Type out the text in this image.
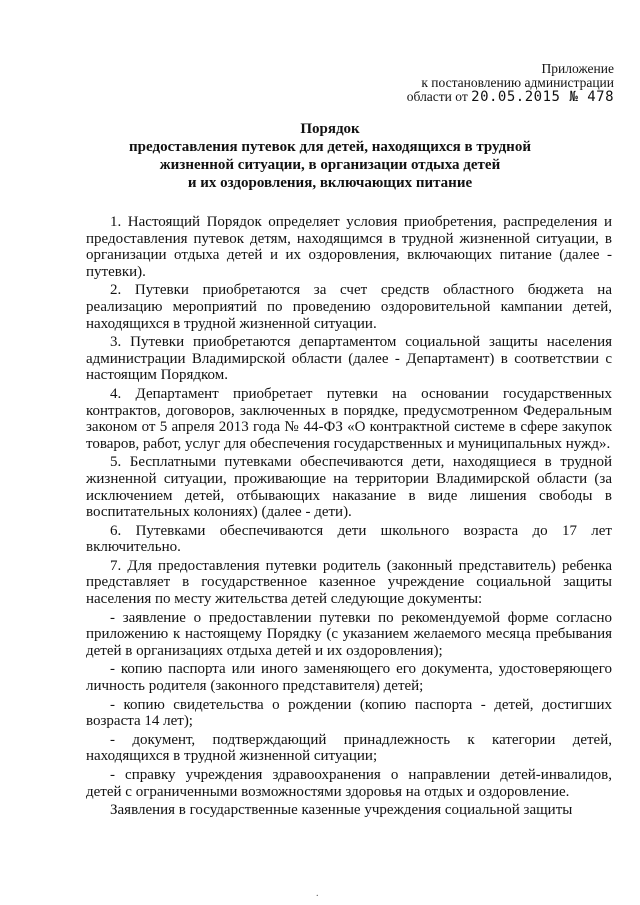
Приложение
к постановлению администрации
области от 20.05.2015 № 478
Порядок
предоставления путевок для детей, находящихся в трудной
жизненной ситуации, в организации отдыха детей
и их оздоровления, включающих питание

1. Настоящий Порядок определяет условия приобретения, распределения и предоставления путевок детям, находящимся в трудной жизненной ситуации, в организации отдыха детей и их оздоровления, включающих питание (далее - путевки).

2. Путевки приобретаются за счет средств областного бюджета на реализацию мероприятий по проведению оздоровительной кампании детей, находящихся в трудной жизненной ситуации.

3. Путевки приобретаются департаментом социальной защиты населения администрации Владимирской области (далее - Департамент) в соответствии с настоящим Порядком.

4. Департамент приобретает путевки на основании государственных контрактов, договоров, заключенных в порядке, предусмотренном Федеральным законом от 5 апреля 2013 года № 44-ФЗ «О контрактной системе в сфере закупок товаров, работ, услуг для обеспечения государственных и муниципальных нужд».

5. Бесплатными путевками обеспечиваются дети, находящиеся в трудной жизненной ситуации, проживающие на территории Владимирской области (за исключением детей, отбывающих наказание в виде лишения свободы в воспитательных колониях) (далее - дети).

6. Путевками обеспечиваются дети школьного возраста до 17 лет включительно.

7. Для предоставления путевки родитель (законный представитель) ребенка представляет в государственное казенное учреждение социальной защиты населения по месту жительства детей следующие документы:

- заявление о предоставлении путевки по рекомендуемой форме согласно приложению к настоящему Порядку (с указанием желаемого месяца пребывания детей в организациях отдыха детей и их оздоровления);

- копию паспорта или иного заменяющего его документа, удостоверяющего личность родителя (законного представителя) детей;

- копию свидетельства о рождении (копию паспорта - детей, достигших возраста 14 лет);

- документ, подтверждающий принадлежность к категории детей, находящихся в трудной жизненной ситуации;

- справку учреждения здравоохранения о направлении детей-инвалидов, детей с ограниченными возможностями здоровья на отдых и оздоровление.

Заявления в государственные казенные учреждения социальной защиты

.
